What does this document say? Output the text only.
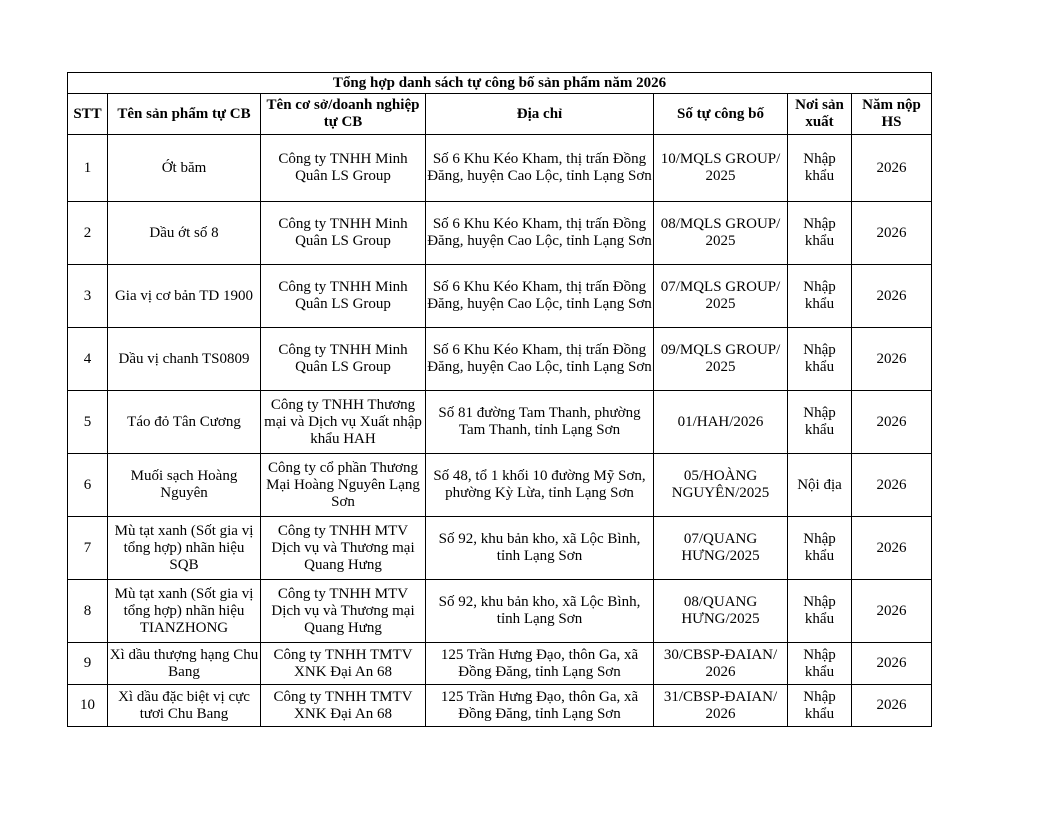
Tổng hợp danh sách tự công bố sản phẩm năm 2026						
STT	Tên sản phẩm tự CB	Tên cơ sở/doanh nghiệp tự CB	Địa chỉ	Số tự công bố	Nơi sản xuất	Năm nộp HS
1	Ớt băm	Công ty TNHH Minh Quân LS Group	Số 6 Khu Kéo Kham, thị trấn Đồng Đăng, huyện Cao Lộc, tỉnh Lạng Sơn	10/MQLS GROUP/ 2025	Nhập khẩu	2026
2	Dầu ớt số 8	Công ty TNHH Minh Quân LS Group	Số 6 Khu Kéo Kham, thị trấn Đồng Đăng, huyện Cao Lộc, tỉnh Lạng Sơn	08/MQLS GROUP/ 2025	Nhập khẩu	2026
3	Gia vị cơ bản TD 1900	Công ty TNHH Minh Quân LS Group	Số 6 Khu Kéo Kham, thị trấn Đồng Đăng, huyện Cao Lộc, tỉnh Lạng Sơn	07/MQLS GROUP/ 2025	Nhập khẩu	2026
4	Dầu vị chanh TS0809	Công ty TNHH Minh Quân LS Group	Số 6 Khu Kéo Kham, thị trấn Đồng Đăng, huyện Cao Lộc, tỉnh Lạng Sơn	09/MQLS GROUP/ 2025	Nhập khẩu	2026
5	Táo đỏ Tân Cương	Công ty TNHH Thương mại và Dịch vụ Xuất nhập khẩu HAH	Số 81 đường Tam Thanh, phường Tam Thanh, tỉnh Lạng Sơn	01/HAH/2026	Nhập khẩu	2026
6	Muối sạch Hoàng Nguyên	Công ty cổ phần Thương Mại Hoàng Nguyên Lạng Sơn	Số 48, tổ 1 khối 10 đường Mỹ Sơn, phường Kỳ Lừa, tỉnh Lạng Sơn	05/HOÀNG NGUYÊN/2025	Nội địa	2026
7	Mù tạt xanh (Sốt gia vị tổng hợp) nhãn hiệu SQB	Công ty TNHH MTV Dịch vụ và Thương mại Quang Hưng	Số 92, khu bản kho, xã Lộc Bình, tỉnh Lạng Sơn	07/QUANG HƯNG/2025	Nhập khẩu	2026
8	Mù tạt xanh (Sốt gia vị tổng hợp) nhãn hiệu TIANZHONG	Công ty TNHH MTV Dịch vụ và Thương mại Quang Hưng	Số 92, khu bản kho, xã Lộc Bình, tỉnh Lạng Sơn	08/QUANG HƯNG/2025	Nhập khẩu	2026
9	Xì dầu thượng hạng Chu Bang	Công ty TNHH TMTV XNK Đại An 68	125 Trần Hưng Đạo, thôn Ga, xã Đồng Đăng, tỉnh Lạng Sơn	30/CBSP-ĐAIAN/ 2026	Nhập khẩu	2026
10	Xì dầu đặc biệt vị cực tươi Chu Bang	Công ty TNHH TMTV XNK Đại An 68	125 Trần Hưng Đạo, thôn Ga, xã Đồng Đăng, tỉnh Lạng Sơn	31/CBSP-ĐAIAN/ 2026	Nhập khẩu	2026
